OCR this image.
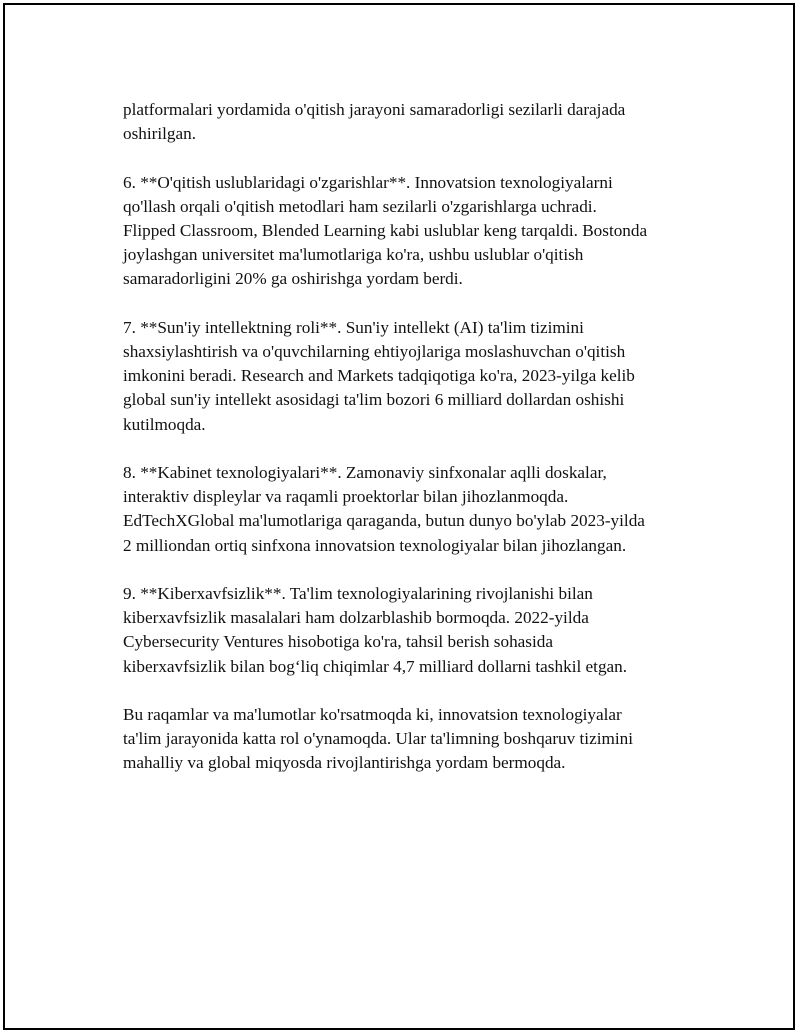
platformalari yordamida o'qitish jarayoni samaradorligi sezilarli darajada
oshirilgan.

6. **O'qitish uslublaridagi o'zgarishlar**. Innovatsion texnologiyalarni
qo'llash orqali o'qitish metodlari ham sezilarli o'zgarishlarga uchradi.
Flipped Classroom, Blended Learning kabi uslublar keng tarqaldi. Bostonda
joylashgan universitet ma'lumotlariga ko'ra, ushbu uslublar o'qitish
samaradorligini 20% ga oshirishga yordam berdi.

7. **Sun'iy intellektning roli**. Sun'iy intellekt (AI) ta'lim tizimini
shaxsiylashtirish va o'quvchilarning ehtiyojlariga moslashuvchan o'qitish
imkonini beradi. Research and Markets tadqiqotiga ko'ra, 2023-yilga kelib
global sun'iy intellekt asosidagi ta'lim bozori 6 milliard dollardan oshishi
kutilmoqda.

8. **Kabinet texnologiyalari**. Zamonaviy sinfxonalar aqlli doskalar,
interaktiv displeylar va raqamli proektorlar bilan jihozlanmoqda.
EdTechXGlobal ma'lumotlariga qaraganda, butun dunyo bo'ylab 2023-yilda
2 milliondan ortiq sinfxona innovatsion texnologiyalar bilan jihozlangan.

9. **Kiberxavfsizlik**. Ta'lim texnologiyalarining rivojlanishi bilan
kiberxavfsizlik masalalari ham dolzarblashib bormoqda. 2022-yilda
Cybersecurity Ventures hisobotiga ko'ra, tahsil berish sohasida
kiberxavfsizlik bilan bog‘liq chiqimlar 4,7 milliard dollarni tashkil etgan.

Bu raqamlar va ma'lumotlar ko'rsatmoqda ki, innovatsion texnologiyalar
ta'lim jarayonida katta rol o'ynamoqda. Ular ta'limning boshqaruv tizimini
mahalliy va global miqyosda rivojlantirishga yordam bermoqda.
